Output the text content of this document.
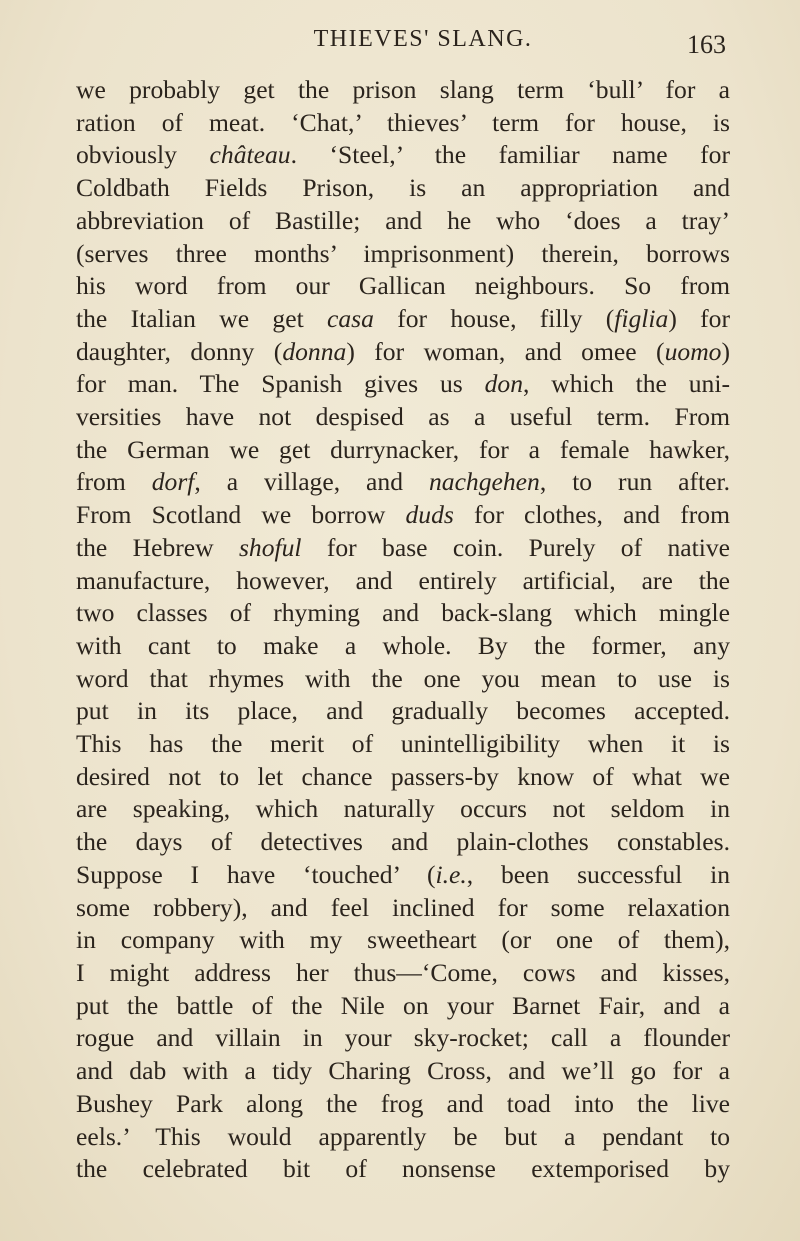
THIEVES' SLANG.	163
we probably get the prison slang term ‘bull’ for a
ration of meat. ‘Chat,’ thieves’ term for house, is
obviously château. ‘Steel,’ the familiar name for
Coldbath Fields Prison, is an appropriation and
abbreviation of Bastille; and he who ‘does a tray’
(serves three months’ imprisonment) therein, borrows
his word from our Gallican neighbours. So from
the Italian we get casa for house, filly (figlia) for
daughter, donny (donna) for woman, and omee (uomo)
for man. The Spanish gives us don, which the uni-
versities have not despised as a useful term. From
the German we get durrynacker, for a female hawker,
from dorf, a village, and nachgehen, to run after.
From Scotland we borrow duds for clothes, and from
the Hebrew shoful for base coin. Purely of native
manufacture, however, and entirely artificial, are the
two classes of rhyming and back-slang which mingle
with cant to make a whole. By the former, any
word that rhymes with the one you mean to use is
put in its place, and gradually becomes accepted.
This has the merit of unintelligibility when it is
desired not to let chance passers-by know of what we
are speaking, which naturally occurs not seldom in
the days of detectives and plain-clothes constables.
Suppose I have ‘touched’ (i.e., been successful in
some robbery), and feel inclined for some relaxation
in company with my sweetheart (or one of them),
I might address her thus—‘Come, cows and kisses,
put the battle of the Nile on your Barnet Fair, and a
rogue and villain in your sky-rocket; call a flounder
and dab with a tidy Charing Cross, and we’ll go for a
Bushey Park along the frog and toad into the live
eels.’ This would apparently be but a pendant to
the celebrated bit of nonsense extemporised by
